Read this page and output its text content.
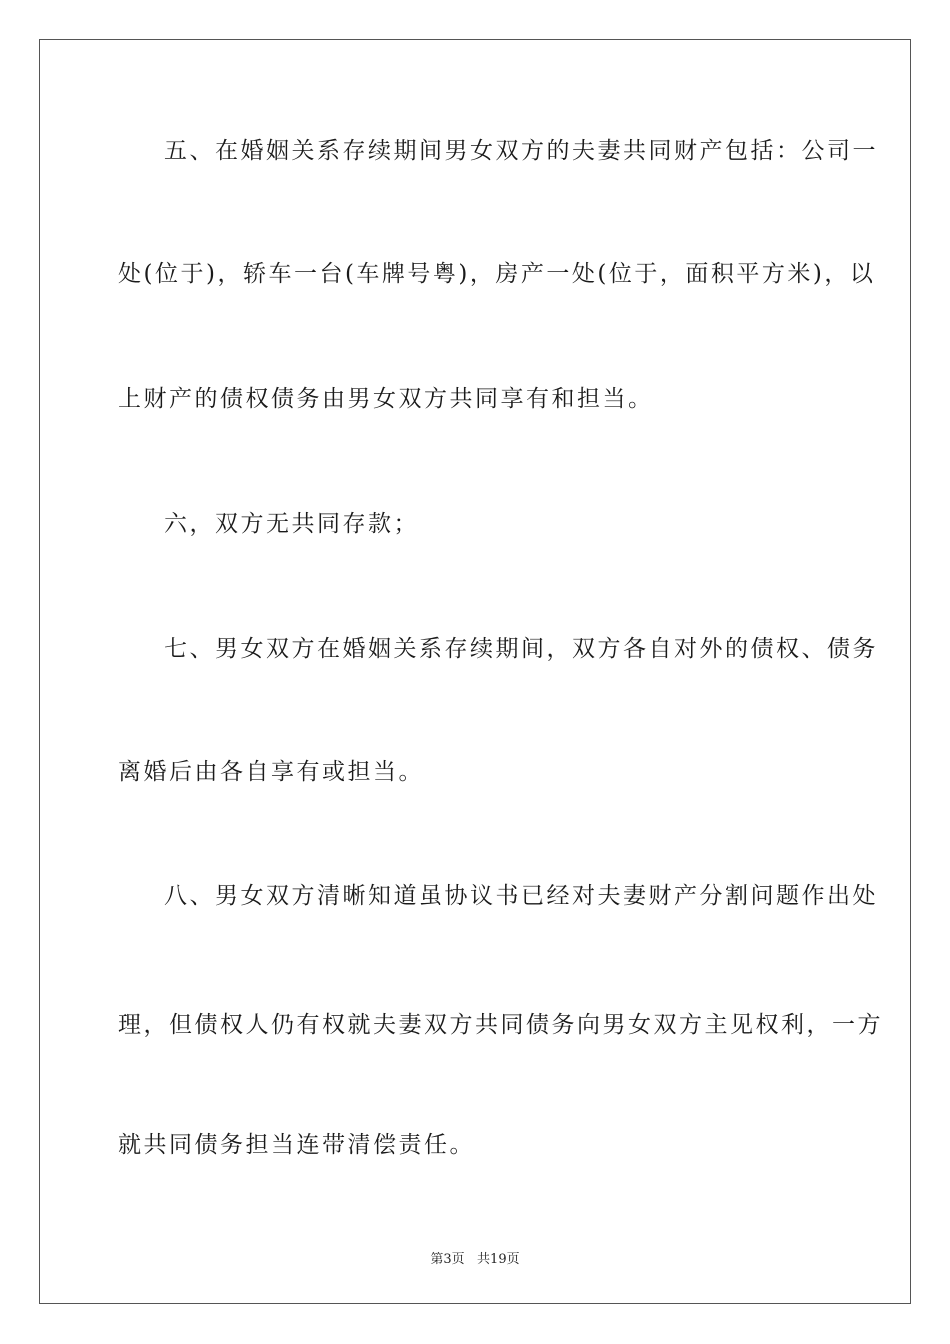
五、在婚姻关系存续期间男女双方的夫妻共同财产包括：公司一
处(位于)，轿车一台(车牌号粤)，房产一处(位于，面积平方米)，以
上财产的债权债务由男女双方共同享有和担当。
六，双方无共同存款；
七、男女双方在婚姻关系存续期间，双方各自对外的债权、债务
离婚后由各自享有或担当。
八、男女双方清晰知道虽协议书已经对夫妻财产分割问题作出处
理，但债权人仍有权就夫妻双方共同债务向男女双方主见权利，一方
就共同债务担当连带清偿责任。
第3页   共19页
